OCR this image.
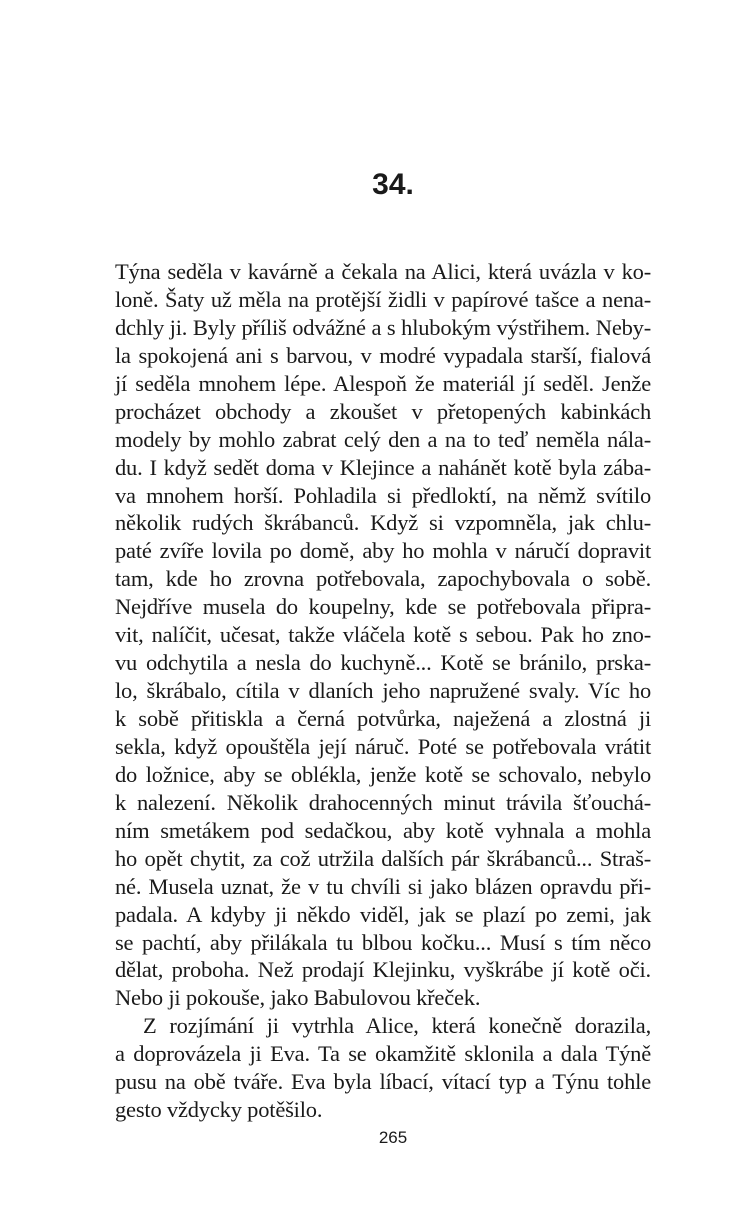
34.
Týna seděla v kavárně a čekala na Alici, která uvázla v ko-
loně. Šaty už měla na protější židli v papírové tašce a nena-
dchly ji. Byly příliš odvážné a s hlubokým výstřihem. Neby-
la spokojená ani s barvou, v modré vypadala starší, fialová
jí seděla mnohem lépe. Alespoň že materiál jí seděl. Jenže
procházet obchody a zkoušet v přetopených kabinkách
modely by mohlo zabrat celý den a na to teď neměla nála-
du. I když sedět doma v Klejince a nahánět kotě byla zába-
va mnohem horší. Pohladila si předloktí, na němž svítilo
několik rudých škrábanců. Když si vzpomněla, jak chlu-
paté zvíře lovila po domě, aby ho mohla v náručí dopravit
tam, kde ho zrovna potřebovala, zapochybovala o sobě.
Nejdříve musela do koupelny, kde se potřebovala připra-
vit, nalíčit, učesat, takže vláčela kotě s sebou. Pak ho zno-
vu odchytila a nesla do kuchyně... Kotě se bránilo, prska-
lo, škrábalo, cítila v dlaních jeho napružené svaly. Víc ho
k sobě přitiskla a černá potvůrka, naježená a zlostná ji
sekla, když opouštěla její náruč. Poté se potřebovala vrátit
do ložnice, aby se oblékla, jenže kotě se schovalo, nebylo
k nalezení. Několik drahocenných minut trávila šťouchá-
ním smetákem pod sedačkou, aby kotě vyhnala a mohla
ho opět chytit, za což utržila dalších pár škrábanců... Straš-
né. Musela uznat, že v tu chvíli si jako blázen opravdu při-
padala. A kdyby ji někdo viděl, jak se plazí po zemi, jak
se pachtí, aby přilákala tu blbou kočku... Musí s tím něco
dělat, proboha. Než prodají Klejinku, vyškrábe jí kotě oči.
Nebo ji pokouše, jako Babulovou křeček.
Z rozjímání ji vytrhla Alice, která konečně dorazila,
a doprovázela ji Eva. Ta se okamžitě sklonila a dala Týně
pusu na obě tváře. Eva byla líbací, vítací typ a Týnu tohle
gesto vždycky potěšilo.
265
